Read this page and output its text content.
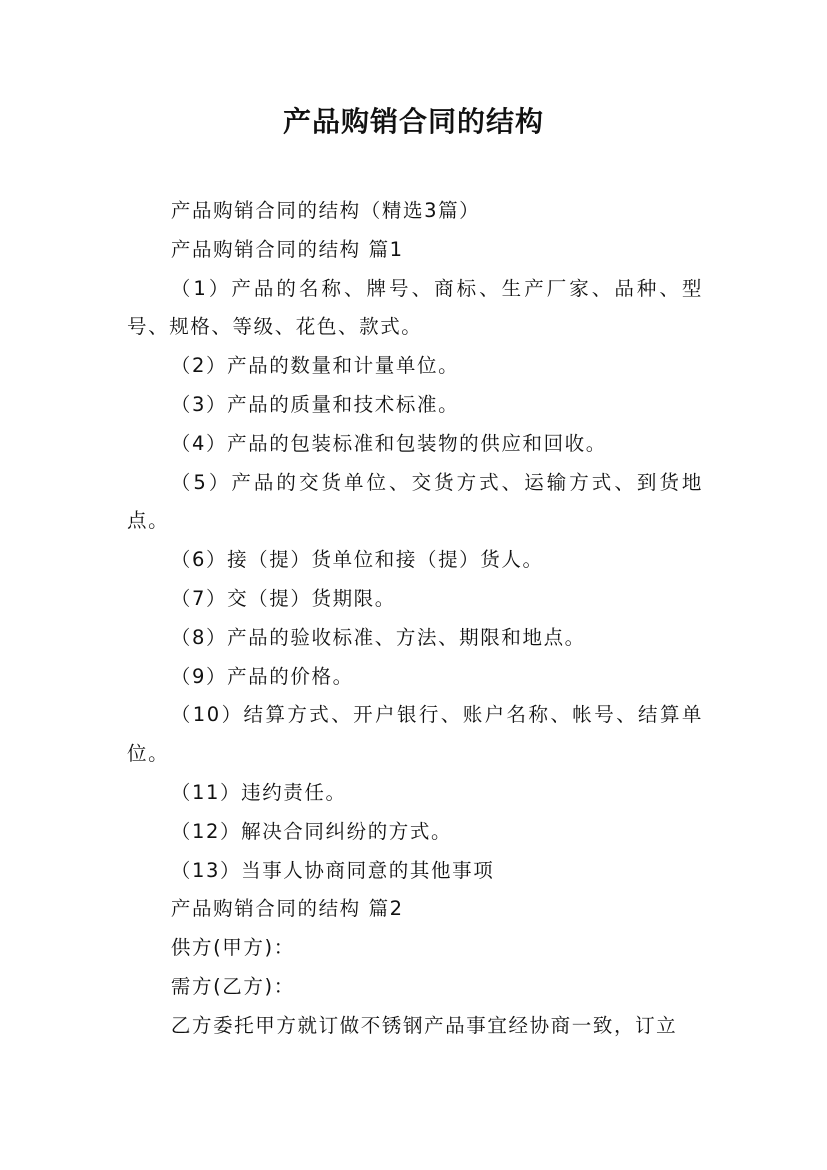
产品购销合同的结构

产品购销合同的结构（精选3篇）

产品购销合同的结构 篇1

（1）产品的名称、牌号、商标、生产厂家、品种、型号、规格、等级、花色、款式。

（2）产品的数量和计量单位。

（3）产品的质量和技术标准。

（4）产品的包装标准和包装物的供应和回收。

（5）产品的交货单位、交货方式、运输方式、到货地点。

（6）接（提）货单位和接（提）货人。

（7）交（提）货期限。

（8）产品的验收标准、方法、期限和地点。

（9）产品的价格。

（10）结算方式、开户银行、账户名称、帐号、结算单位。

（11）违约责任。

（12）解决合同纠纷的方式。

（13）当事人协商同意的其他事项

产品购销合同的结构 篇2

供方(甲方)：

需方(乙方)：

乙方委托甲方就订做不锈钢产品事宜经协商一致，订立
